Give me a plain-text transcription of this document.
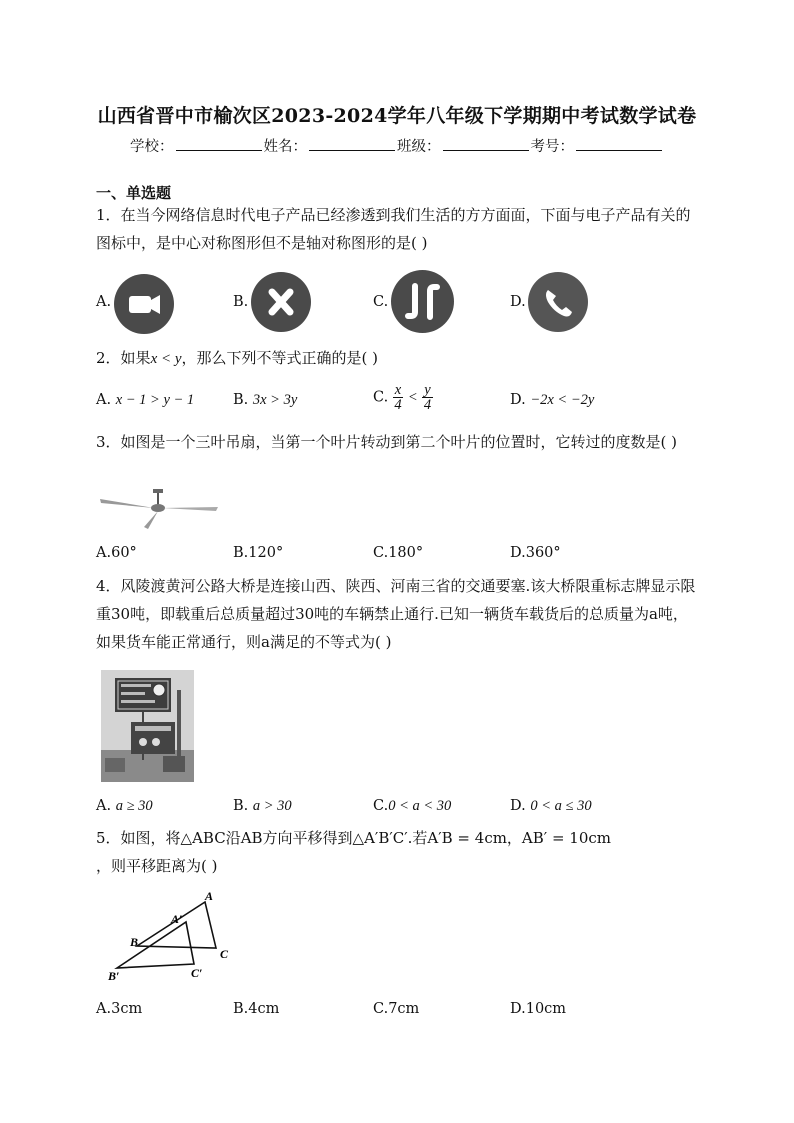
山西省晋中市榆次区2023-2024学年八年级下学期期中考试数学试卷
学校：	姓名：	班级：	考号：
一、单选题
1．在当今网络信息时代电子产品已经渗透到我们生活的方方面面，下面与电子产品有关的图标中，是中心对称图形但不是轴对称图形的是( )
A.	B.	C.	D.
2．如果x < y，那么下列不等式正确的是( )
A. x − 1 > y − 1	B. 3x > 3y	C. $\frac{x}{4} < \frac{y}{4}$	D. −2x < −2y
3．如图是一个三叶吊扇，当第一个叶片转动到第二个叶片的位置时，它转过的度数是( )
A.60°	B.120°	C.180°	D.360°
4．风陵渡黄河公路大桥是连接山西、陕西、河南三省的交通要塞.该大桥限重标志牌显示限重30吨，即载重后总质量超过30吨的车辆禁止通行.已知一辆货车载货后的总质量为a吨，如果货车能正常通行，则a满足的不等式为( )
A. a ≥ 30	B. a > 30	C.0 < a < 30	D. 0 < a ≤ 30
5．如图，将△ABC沿AB方向平移得到△A′B′C′.若A′B = 4cm，AB′ = 10cm
，则平移距离为( )
A
A′
B
C
B′	C′
A.3cm	B.4cm	C.7cm	D.10cm
